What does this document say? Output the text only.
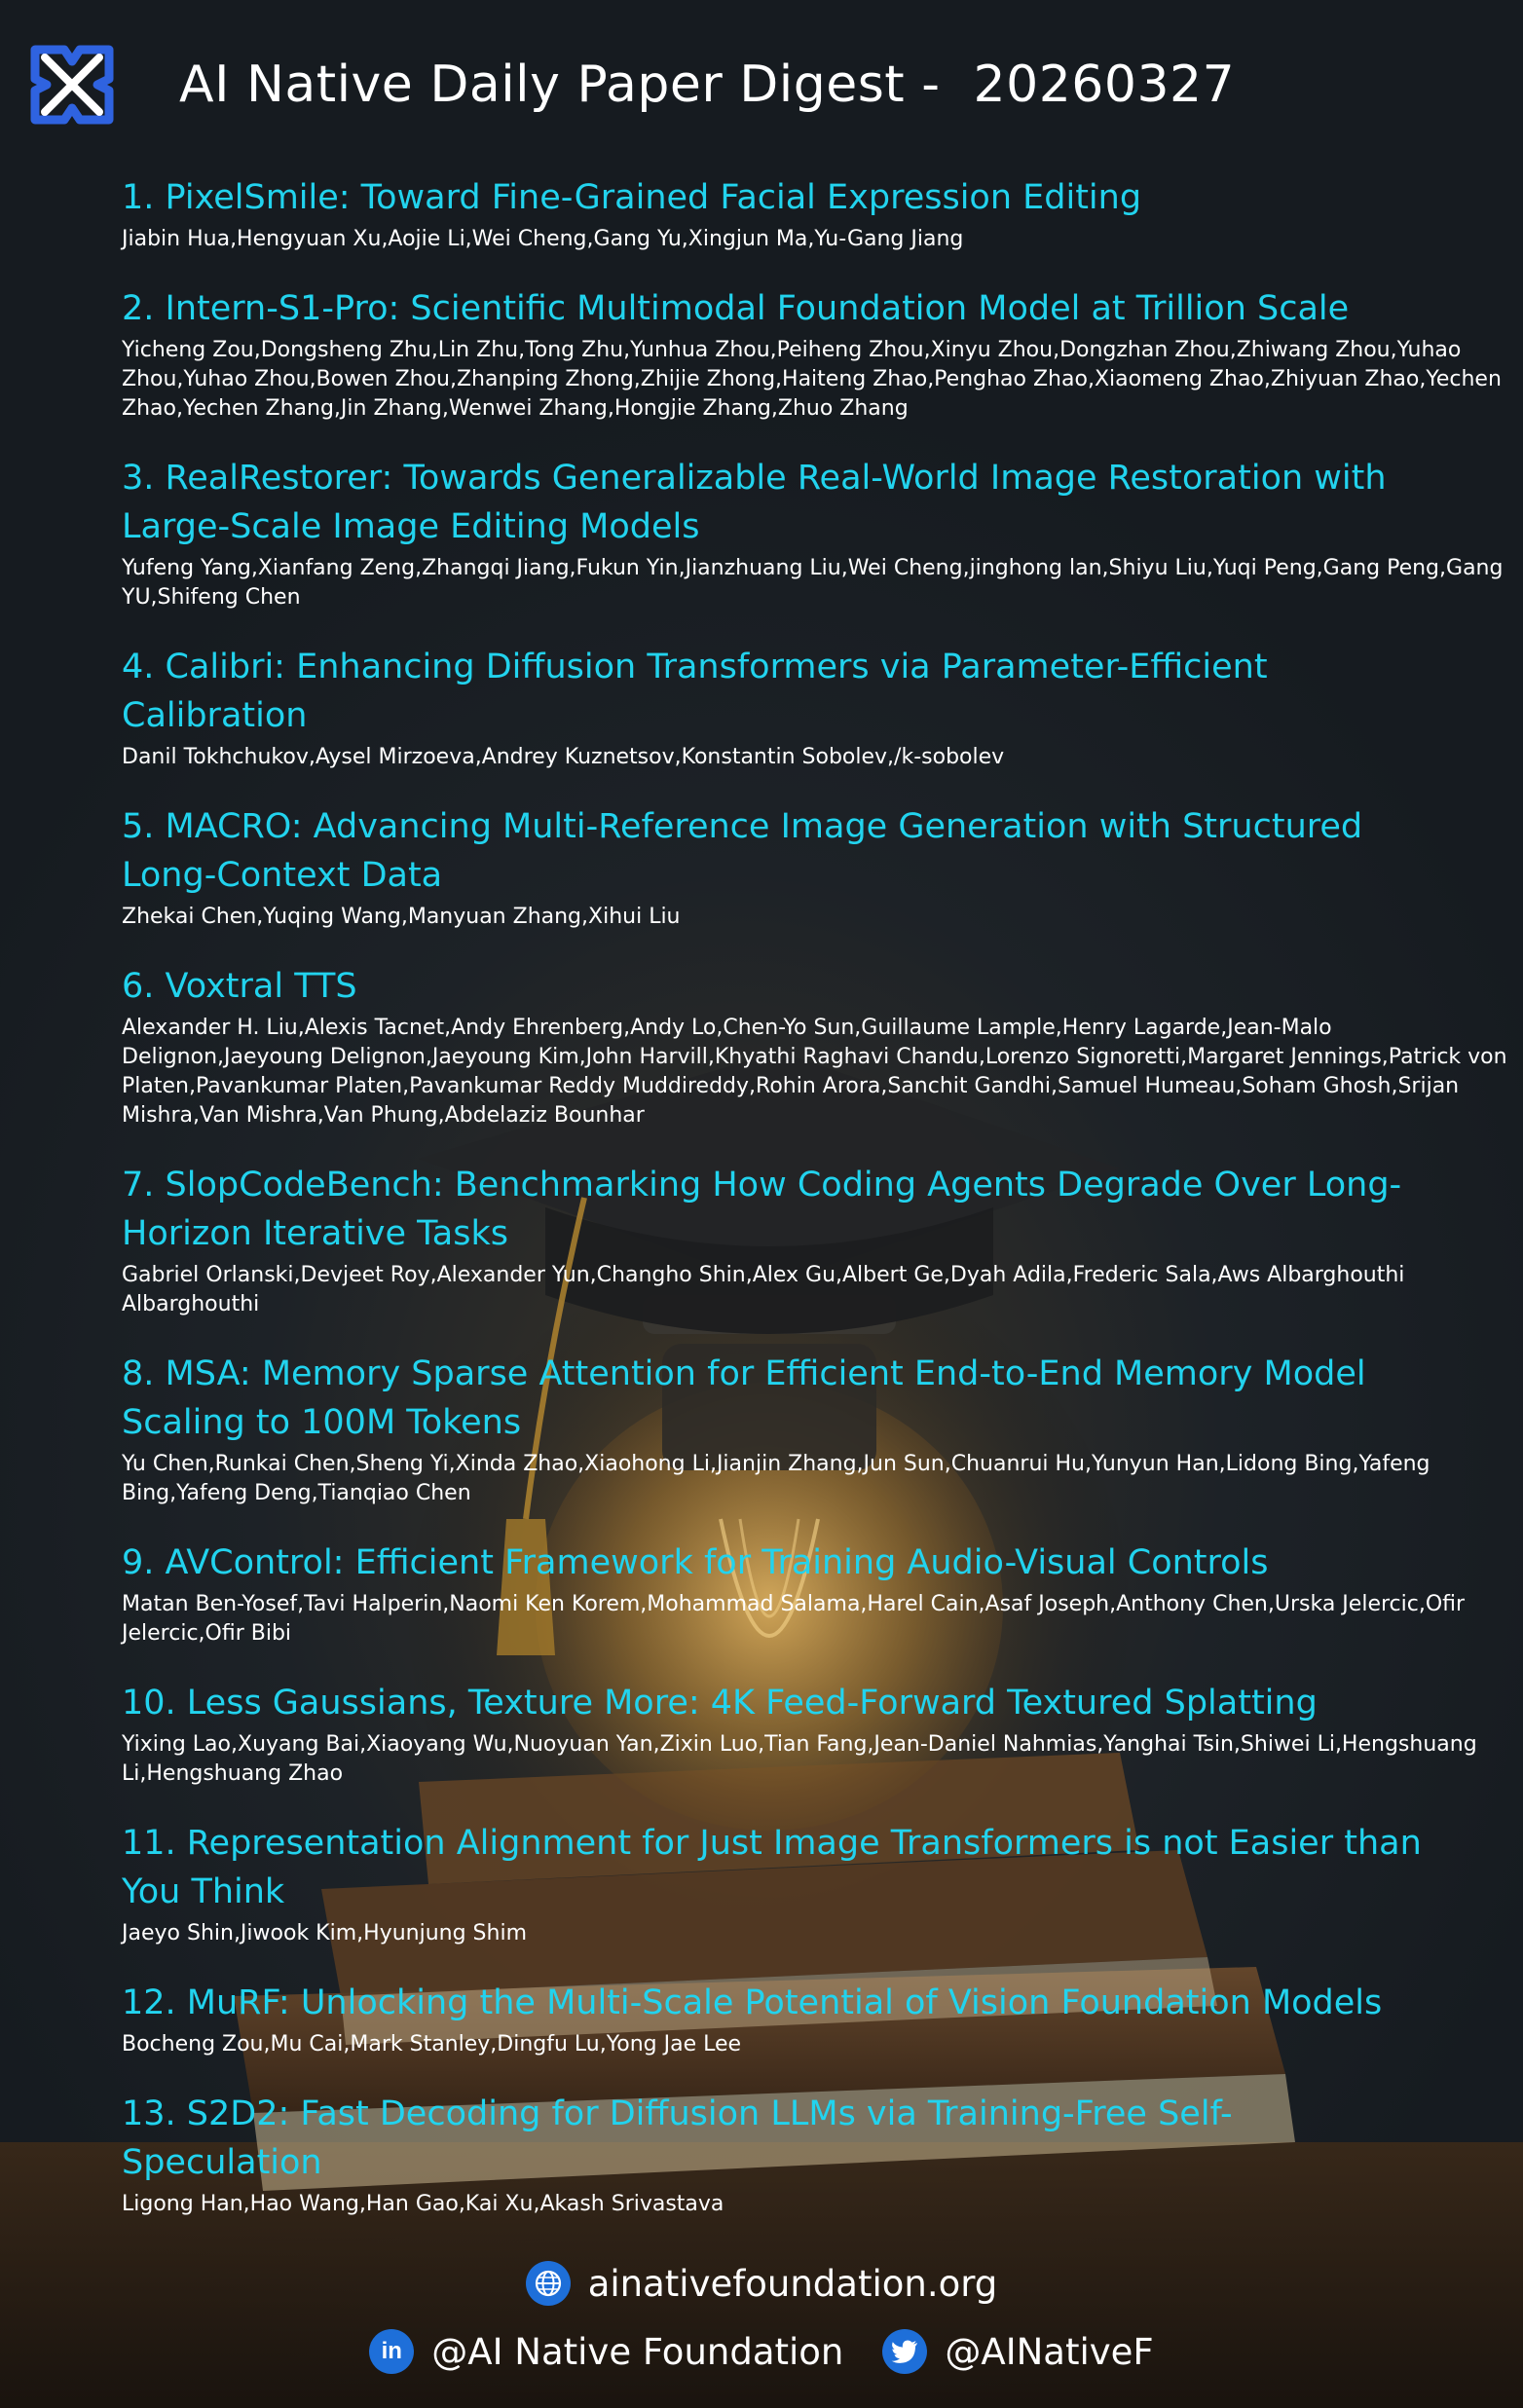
AI Native Daily Paper Digest -  20260327
1. PixelSmile: Toward Fine-Grained Facial Expression Editing
Jiabin Hua,Hengyuan Xu,Aojie Li,Wei Cheng,Gang Yu,Xingjun Ma,Yu-Gang Jiang
2. Intern-S1-Pro: Scientific Multimodal Foundation Model at Trillion Scale
Yicheng Zou,Dongsheng Zhu,Lin Zhu,Tong Zhu,Yunhua Zhou,Peiheng Zhou,Xinyu Zhou,Dongzhan Zhou,Zhiwang Zhou,Yuhao Zhou,Yuhao Zhou,Bowen Zhou,Zhanping Zhong,Zhijie Zhong,Haiteng Zhao,Penghao Zhao,Xiaomeng Zhao,Zhiyuan Zhao,Yechen Zhao,Yechen Zhang,Jin Zhang,Wenwei Zhang,Hongjie Zhang,Zhuo Zhang
3. RealRestorer: Towards Generalizable Real-World Image Restoration with Large-Scale Image Editing Models
Yufeng Yang,Xianfang Zeng,Zhangqi Jiang,Fukun Yin,Jianzhuang Liu,Wei Cheng,jinghong lan,Shiyu Liu,Yuqi Peng,Gang Peng,Gang YU,Shifeng Chen
4. Calibri: Enhancing Diffusion Transformers via Parameter-Efficient Calibration
Danil Tokhchukov,Aysel Mirzoeva,Andrey Kuznetsov,Konstantin Sobolev,/k-sobolev
5. MACRO: Advancing Multi-Reference Image Generation with Structured Long-Context Data
Zhekai Chen,Yuqing Wang,Manyuan Zhang,Xihui Liu
6. Voxtral TTS
Alexander H. Liu,Alexis Tacnet,Andy Ehrenberg,Andy Lo,Chen-Yo Sun,Guillaume Lample,Henry Lagarde,Jean-Malo Delignon,Jaeyoung Delignon,Jaeyoung Kim,John Harvill,Khyathi Raghavi Chandu,Lorenzo Signoretti,Margaret Jennings,Patrick von Platen,Pavankumar Platen,Pavankumar Reddy Muddireddy,Rohin Arora,Sanchit Gandhi,Samuel Humeau,Soham Ghosh,Srijan Mishra,Van Mishra,Van Phung,Abdelaziz Bounhar
7. SlopCodeBench: Benchmarking How Coding Agents Degrade Over Long-Horizon Iterative Tasks
Gabriel Orlanski,Devjeet Roy,Alexander Yun,Changho Shin,Alex Gu,Albert Ge,Dyah Adila,Frederic Sala,Aws Albarghouthi Albarghouthi
8. MSA: Memory Sparse Attention for Efficient End-to-End Memory Model Scaling to 100M Tokens
Yu Chen,Runkai Chen,Sheng Yi,Xinda Zhao,Xiaohong Li,Jianjin Zhang,Jun Sun,Chuanrui Hu,Yunyun Han,Lidong Bing,Yafeng Bing,Yafeng Deng,Tianqiao Chen
9. AVControl: Efficient Framework for Training Audio-Visual Controls
Matan Ben-Yosef,Tavi Halperin,Naomi Ken Korem,Mohammad Salama,Harel Cain,Asaf Joseph,Anthony Chen,Urska Jelercic,Ofir Jelercic,Ofir Bibi
10. Less Gaussians, Texture More: 4K Feed-Forward Textured Splatting
Yixing Lao,Xuyang Bai,Xiaoyang Wu,Nuoyuan Yan,Zixin Luo,Tian Fang,Jean-Daniel Nahmias,Yanghai Tsin,Shiwei Li,Hengshuang Li,Hengshuang Zhao
11. Representation Alignment for Just Image Transformers is not Easier than You Think
Jaeyo Shin,Jiwook Kim,Hyunjung Shim
12. MuRF: Unlocking the Multi-Scale Potential of Vision Foundation Models
Bocheng Zou,Mu Cai,Mark Stanley,Dingfu Lu,Yong Jae Lee
13. S2D2: Fast Decoding for Diffusion LLMs via Training-Free Self-Speculation
Ligong Han,Hao Wang,Han Gao,Kai Xu,Akash Srivastava
ainativefoundation.org
in @AI Native Foundation	@AINativeF
